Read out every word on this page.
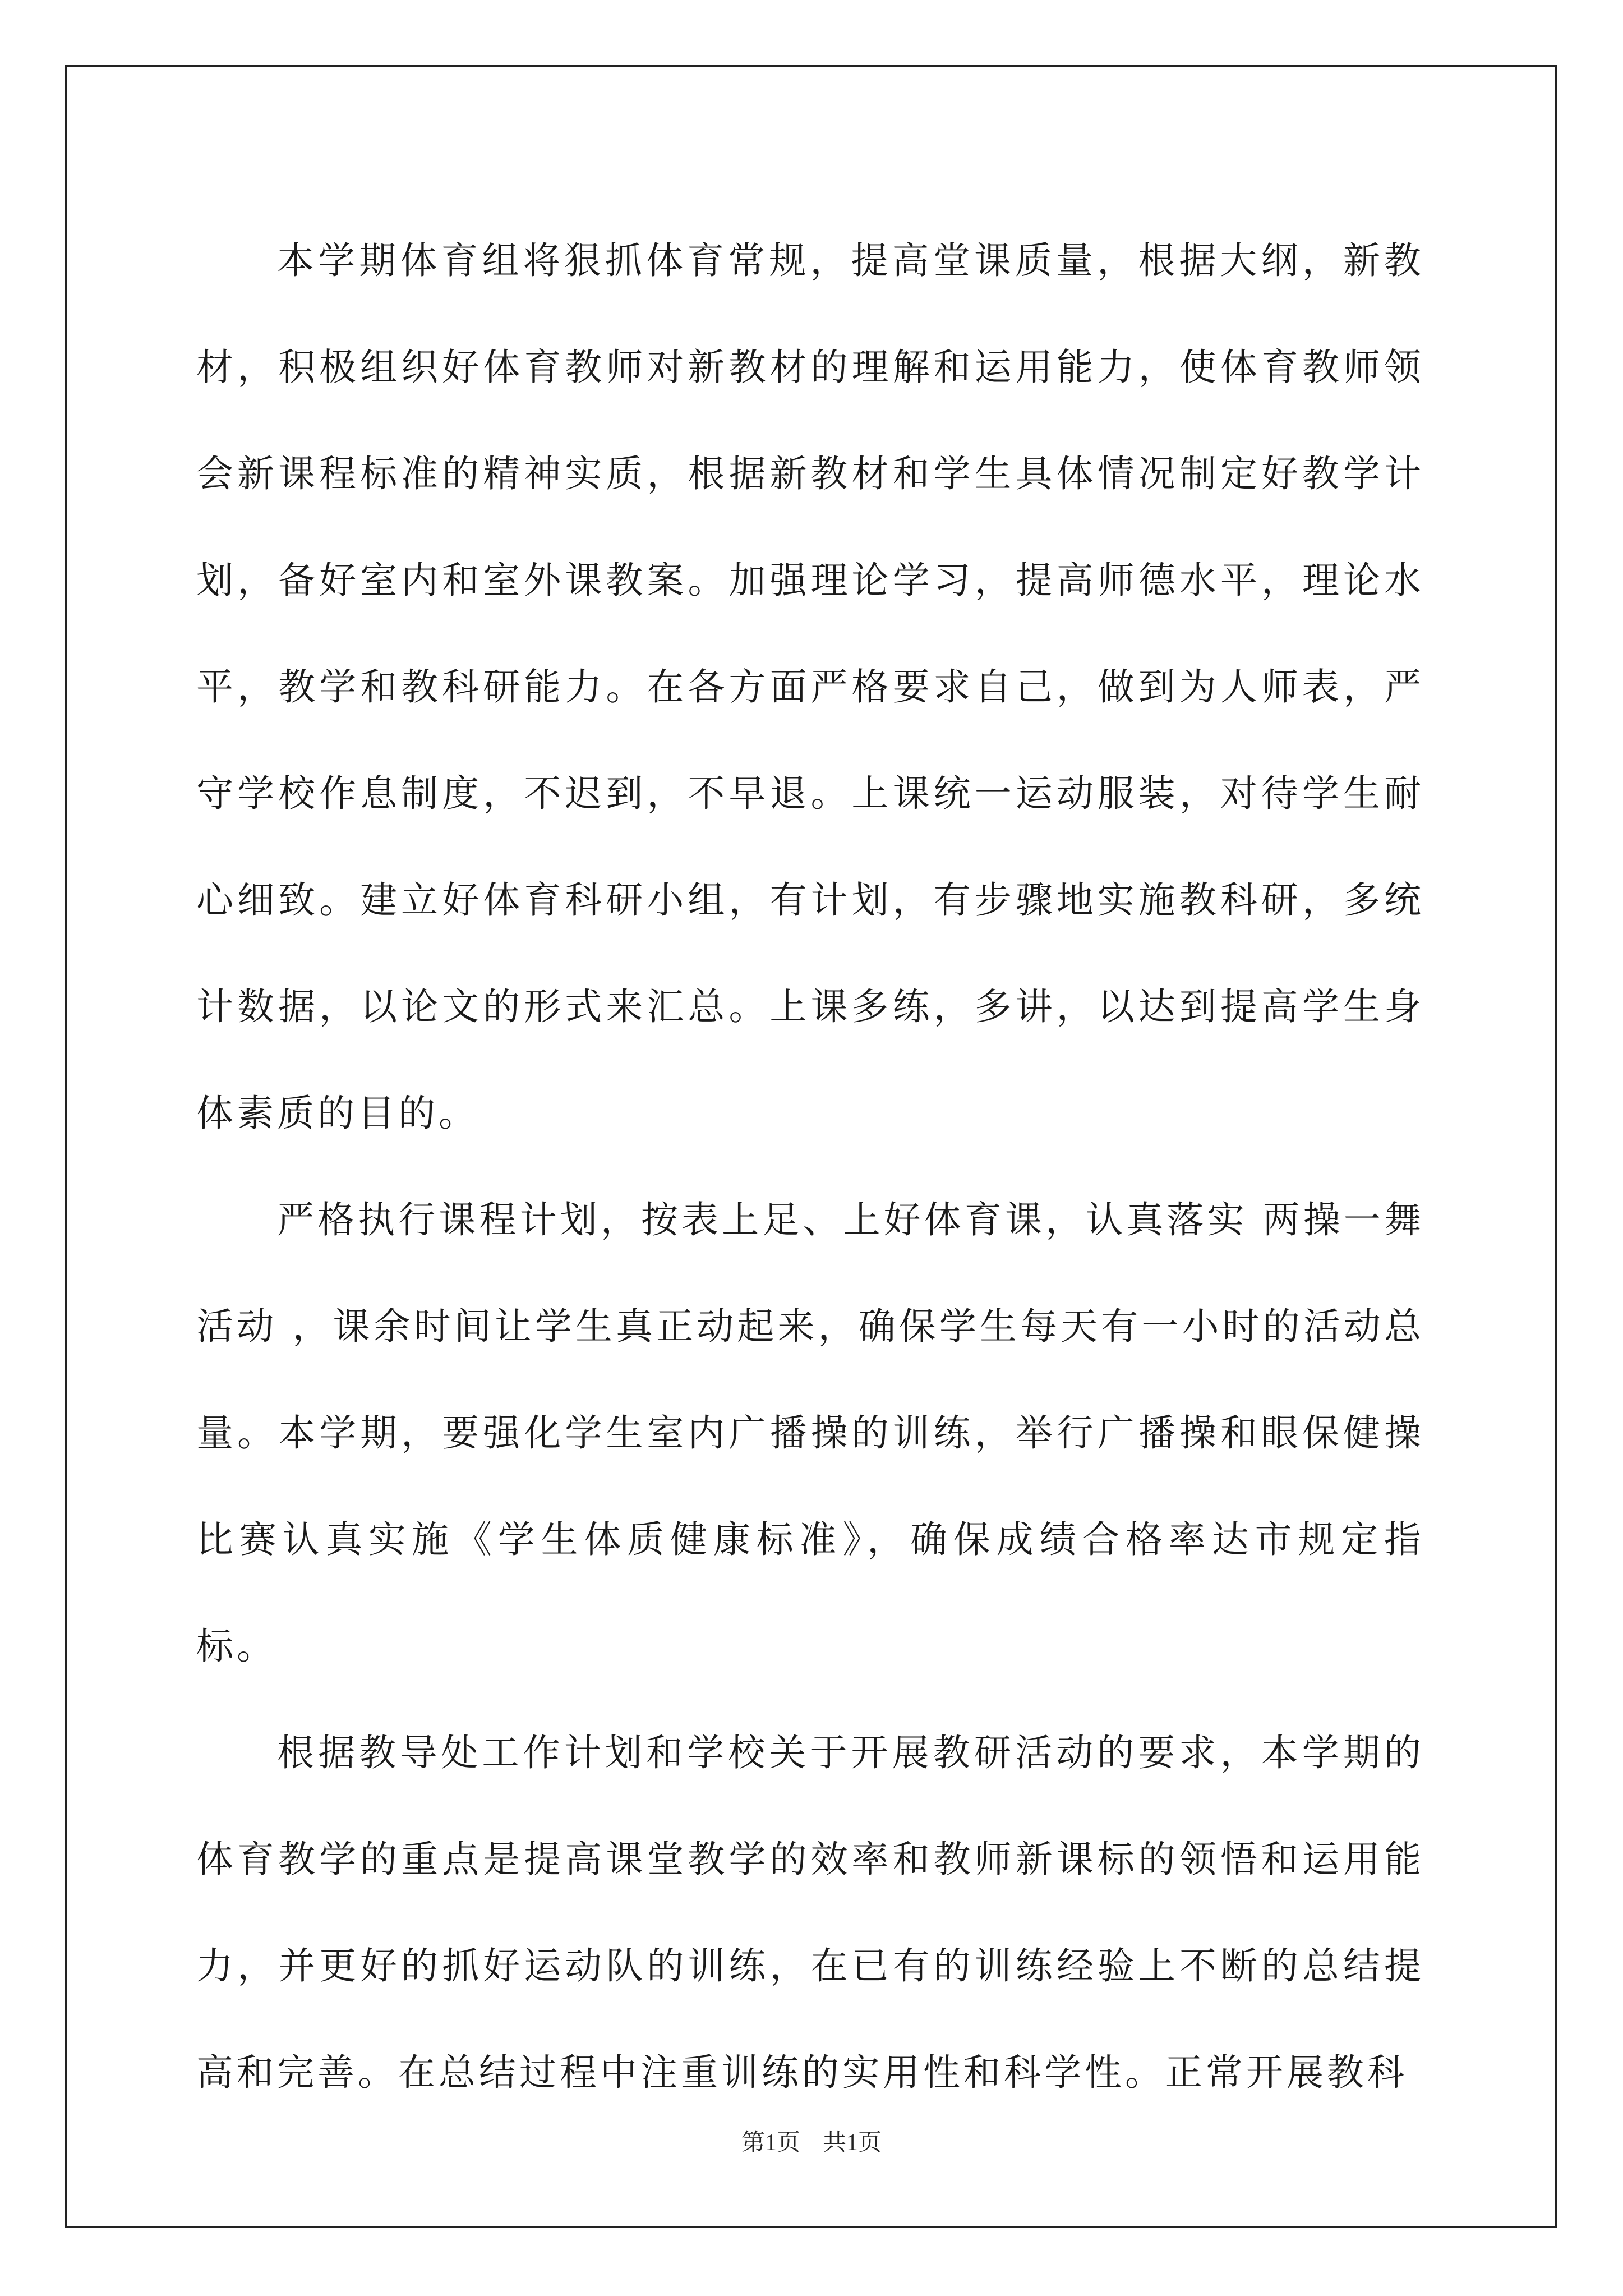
本学期体育组将狠抓体育常规，提高堂课质量，根据大纲，新教材，积极组织好体育教师对新教材的理解和运用能力，使体育教师领会新课程标准的精神实质，根据新教材和学生具体情况制定好教学计划，备好室内和室外课教案。加强理论学习，提高师德水平，理论水平，教学和教科研能力。在各方面严格要求自己，做到为人师表，严守学校作息制度，不迟到，不早退。上课统一运动服装，对待学生耐心细致。建立好体育科研小组，有计划，有步骤地实施教科研，多统计数据，以论文的形式来汇总。上课多练，多讲，以达到提高学生身体素质的目的。

严格执行课程计划，按表上足、上好体育课，认真落实 两操一舞 活动 ，课余时间让学生真正动起来，确保学生每天有一小时的活动总量。本学期，要强化学生室内广播操的训练，举行广播操和眼保健操比赛认真实施《学生体质健康标准》，确保成绩合格率达市规定指标。

根据教导处工作计划和学校关于开展教研活动的要求，本学期的体育教学的重点是提高课堂教学的效率和教师新课标的领悟和运用能力，并更好的抓好运动队的训练，在已有的训练经验上不断的总结提高和完善。在总结过程中注重训练的实用性和科学性。正常开展教科

第1页 共1页
